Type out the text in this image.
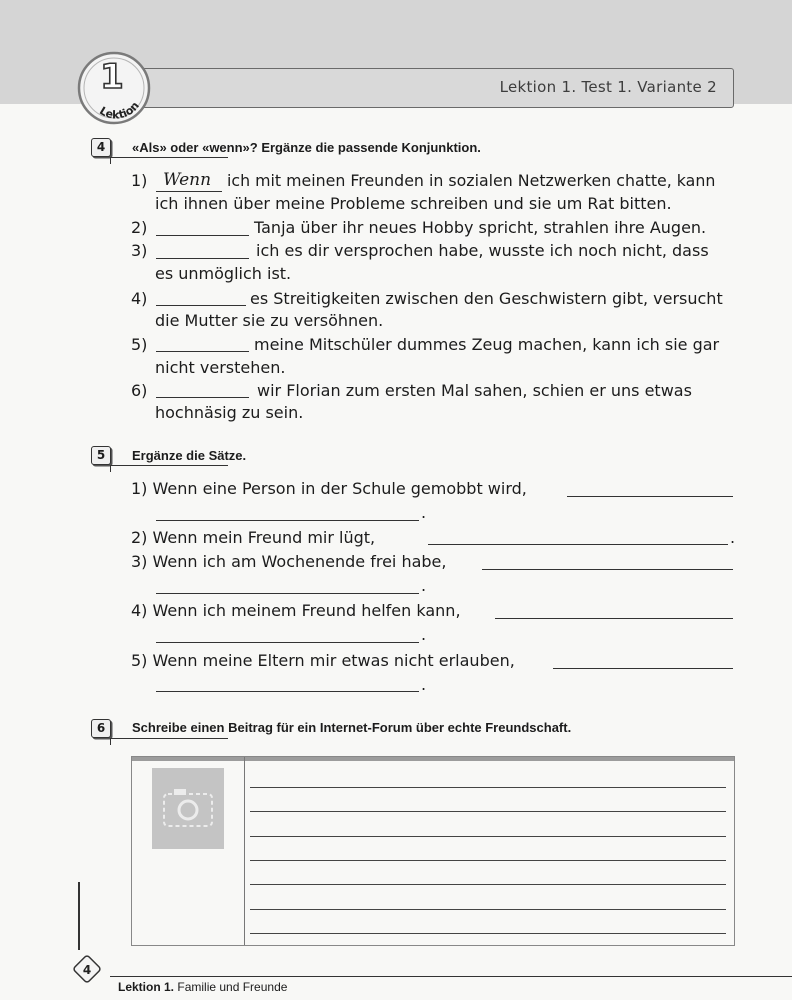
Lektion 1. Test 1. Variante 2
Lektion
1
4	«Als» oder «wenn»? Ergänze die passende Konjunktion.
1) Wenn ich mit meinen Freunden in sozialen Netzwerken chatte, kann
ich ihnen über meine Probleme schreiben und sie um Rat bitten.
2)	Tanja über ihr neues Hobby spricht, strahlen ihre Augen.
3)	ich es dir versprochen habe, wusste ich noch nicht, dass
es unmöglich ist.
4)	es Streitigkeiten zwischen den Geschwistern gibt, versucht
die Mutter sie zu versöhnen.
5)	meine Mitschüler dummes Zeug machen, kann ich sie gar
nicht verstehen.
6)	wir Florian zum ersten Mal sahen, schien er uns etwas
hochnäsig zu sein.
5	Ergänze die Sätze.
1) Wenn eine Person in der Schule gemobbt wird,
.
2) Wenn mein Freund mir lügt,	.
3) Wenn ich am Wochenende frei habe,
.
4) Wenn ich meinem Freund helfen kann,
.
5) Wenn meine Eltern mir etwas nicht erlauben,
.
6	Schreibe einen Beitrag für ein Internet-Forum über echte Freundschaft.
4
Lektion 1. Familie und Freunde
